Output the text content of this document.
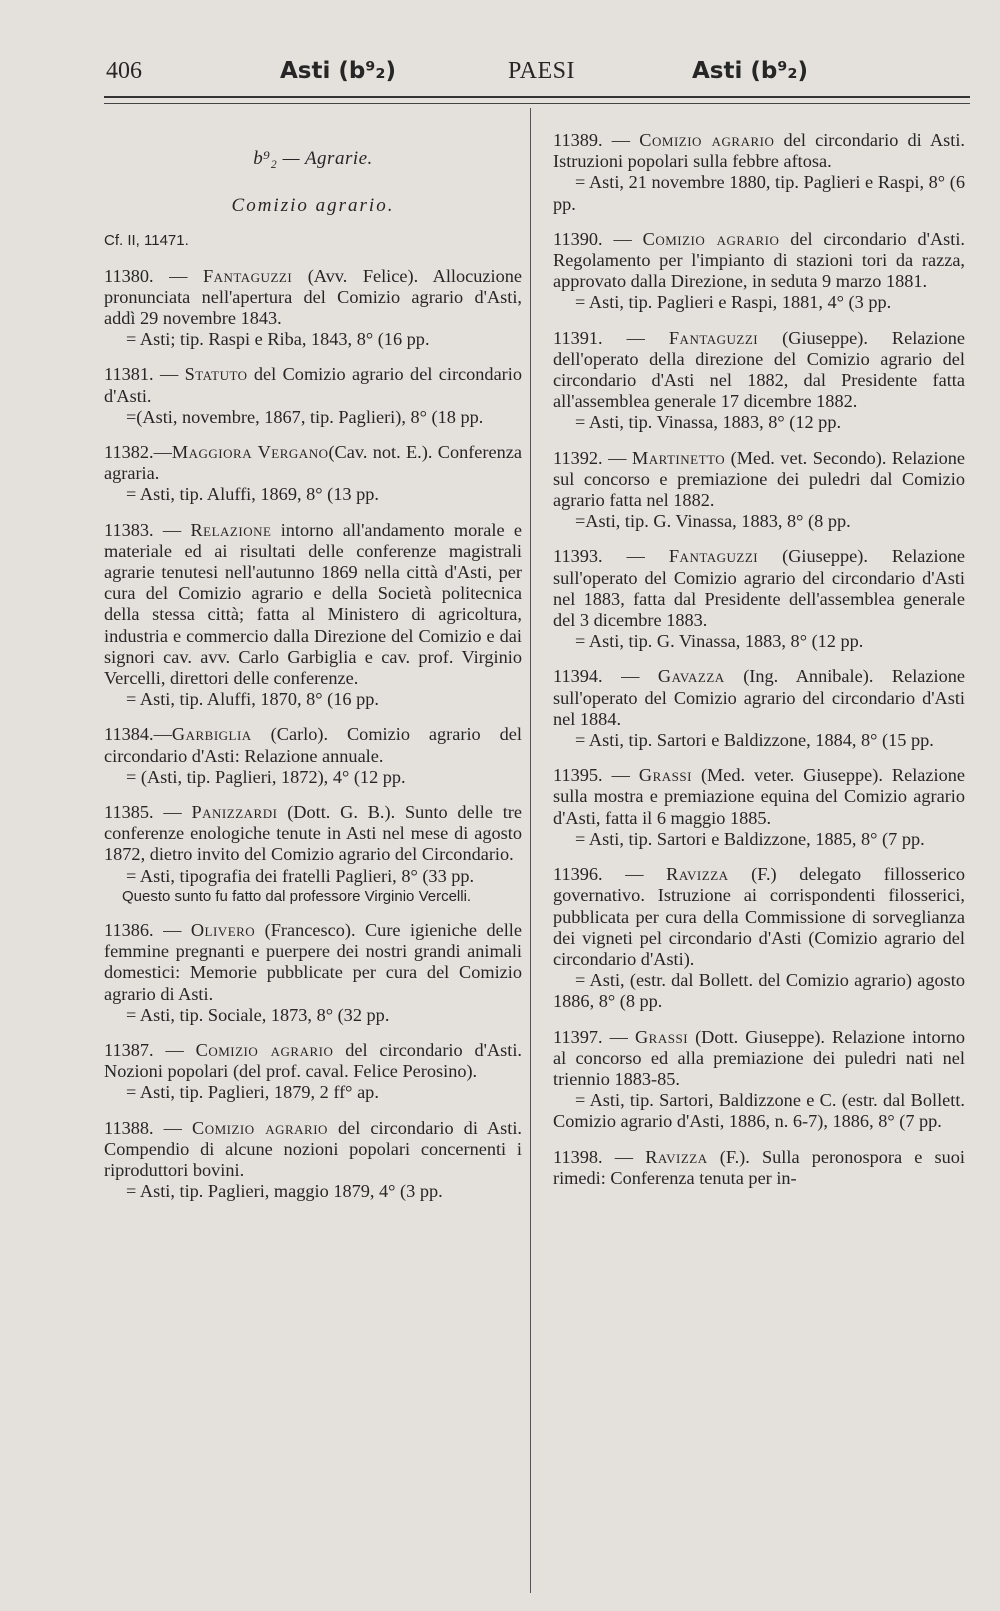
406	Asti (b⁹₂)	PAESI	Asti (b⁹₂)
b⁹₂ — Agrarie.
Comizio agrario.
Cf. II, 11471.

11380. — Fantaguzzi (Avv. Felice). Allocuzione pronunciata nell'apertura del Comizio agrario d'Asti, addì 29 novembre 1843.

= Asti; tip. Raspi e Riba, 1843, 8° (16 pp.

11381. — Statuto del Comizio agrario del circondario d'Asti.

=(Asti, novembre, 1867, tip. Paglieri), 8° (18 pp.

11382.—Maggiora Vergano(Cav. not. E.). Conferenza agraria.

= Asti, tip. Aluffi, 1869, 8° (13 pp.

11383. — Relazione intorno all'andamento morale e materiale ed ai risultati delle conferenze magistrali agrarie tenutesi nell'autunno 1869 nella città d'Asti, per cura del Comizio agrario e della Società politecnica della stessa città; fatta al Ministero di agricoltura, industria e commercio dalla Direzione del Comizio e dai signori cav. avv. Carlo Garbiglia e cav. prof. Virginio Vercelli, direttori delle conferenze.

= Asti, tip. Aluffi, 1870, 8° (16 pp.

11384.—Garbiglia (Carlo). Comizio agrario del circondario d'Asti: Relazione annuale.

= (Asti, tip. Paglieri, 1872), 4° (12 pp.

11385. — Panizzardi (Dott. G. B.). Sunto delle tre conferenze enologiche tenute in Asti nel mese di agosto 1872, dietro invito del Comizio agrario del Circondario.

= Asti, tipografia dei fratelli Paglieri, 8° (33 pp.

Questo sunto fu fatto dal professore Virginio Vercelli.

11386. — Olivero (Francesco). Cure igieniche delle femmine pregnanti e puerpere dei nostri grandi animali domestici: Memorie pubblicate per cura del Comizio agrario di Asti.

= Asti, tip. Sociale, 1873, 8° (32 pp.

11387. — Comizio agrario del circondario d'Asti. Nozioni popolari (del prof. caval. Felice Perosino).

= Asti, tip. Paglieri, 1879, 2 ff° ap.

11388. — Comizio agrario del circondario di Asti. Compendio di alcune nozioni popolari concernenti i riproduttori bovini.

= Asti, tip. Paglieri, maggio 1879, 4° (3 pp.

11389. — Comizio agrario del circondario di Asti. Istruzioni popolari sulla febbre aftosa.

= Asti, 21 novembre 1880, tip. Paglieri e Raspi, 8° (6 pp.

11390. — Comizio agrario del circondario d'Asti. Regolamento per l'impianto di stazioni tori da razza, approvato dalla Direzione, in seduta 9 marzo 1881.

= Asti, tip. Paglieri e Raspi, 1881, 4° (3 pp.

11391. — Fantaguzzi (Giuseppe). Relazione dell'operato della direzione del Comizio agrario del circondario d'Asti nel 1882, dal Presidente fatta all'assemblea generale 17 dicembre 1882.

= Asti, tip. Vinassa, 1883, 8° (12 pp.

11392. — Martinetto (Med. vet. Secondo). Relazione sul concorso e premiazione dei puledri dal Comizio agrario fatta nel 1882.

=Asti, tip. G. Vinassa, 1883, 8° (8 pp.

11393. — Fantaguzzi (Giuseppe). Relazione sull'operato del Comizio agrario del circondario d'Asti nel 1883, fatta dal Presidente dell'assemblea generale del 3 dicembre 1883.

= Asti, tip. G. Vinassa, 1883, 8° (12 pp.

11394. — Gavazza (Ing. Annibale). Relazione sull'operato del Comizio agrario del circondario d'Asti nel 1884.

= Asti, tip. Sartori e Baldizzone, 1884, 8° (15 pp.

11395. — Grassi (Med. veter. Giuseppe). Relazione sulla mostra e premiazione equina del Comizio agrario d'Asti, fatta il 6 maggio 1885.

= Asti, tip. Sartori e Baldizzone, 1885, 8° (7 pp.

11396. — Ravizza (F.) delegato fillosserico governativo. Istruzione ai corrispondenti filosserici, pubblicata per cura della Commissione di sorveglianza dei vigneti pel circondario d'Asti (Comizio agrario del circondario d'Asti).

= Asti, (estr. dal Bollett. del Comizio agrario) agosto 1886, 8° (8 pp.

11397. — Grassi (Dott. Giuseppe). Relazione intorno al concorso ed alla premiazione dei puledri nati nel triennio 1883-85.

= Asti, tip. Sartori, Baldizzone e C. (estr. dal Bollett. Comizio agrario d'Asti, 1886, n. 6-7), 1886, 8° (7 pp.

11398. — Ravizza (F.). Sulla peronospora e suoi rimedi: Conferenza tenuta per in-
